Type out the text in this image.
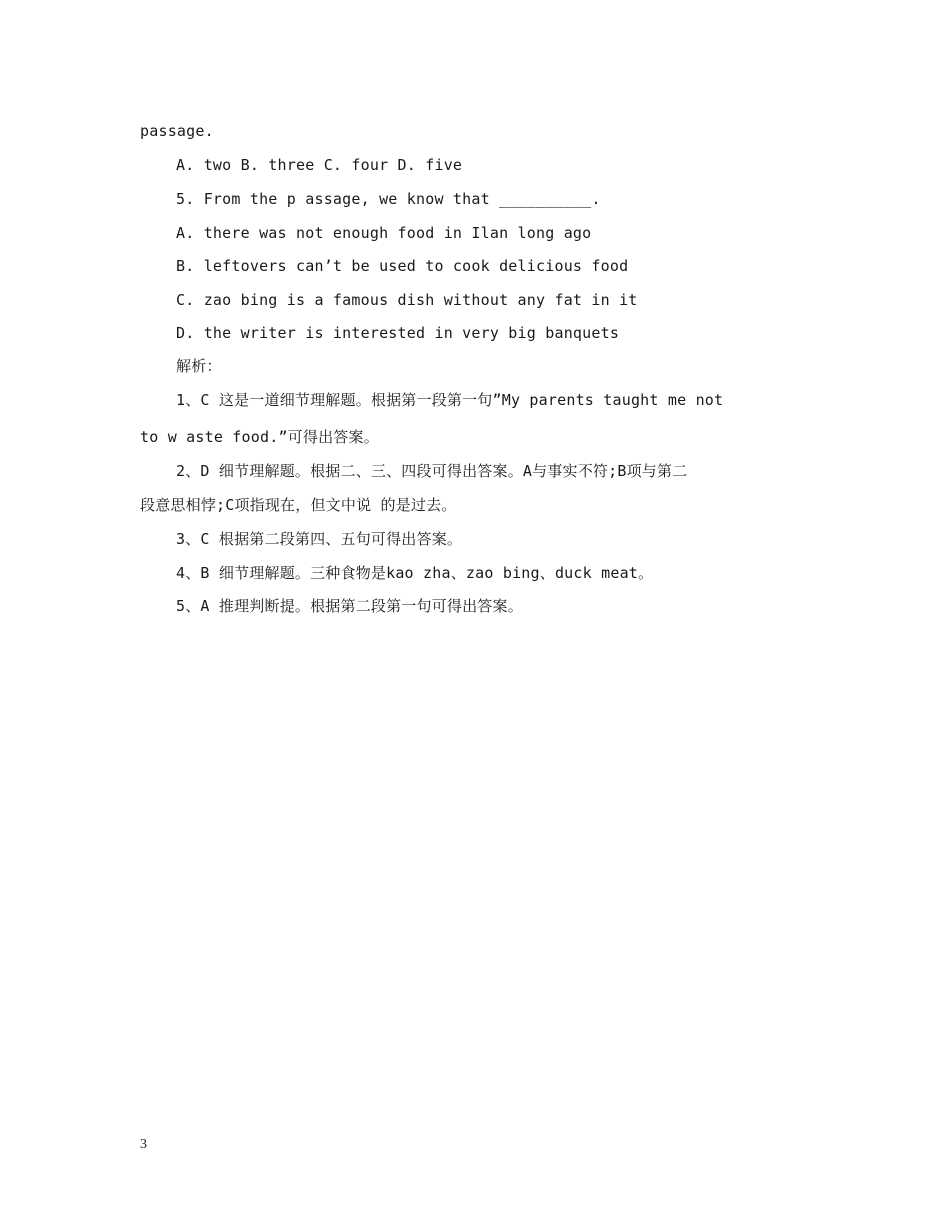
passage.
A. two B. three C. four D. five
5. From the p assage, we know that __________.
A. there was not enough food in Ilan long ago
B. leftovers can’t be used to cook delicious food
C. zao bing is a famous dish without any fat in it
D. the writer is interested in very big banquets
解析：
1、C 这是一道细节理解题。根据第一段第一句”My parents taught me not
to w aste food.”可得出答案。
2、D 细节理解题。根据二、三、四段可得出答案。A与事实不符;B项与第二
段意思相悖;C项指现在，但文中说 的是过去。
3、C 根据第二段第四、五句可得出答案。
4、B 细节理解题。三种食物是kao zha、zao bing、duck meat。
5、A 推理判断提。根据第二段第一句可得出答案。
3
